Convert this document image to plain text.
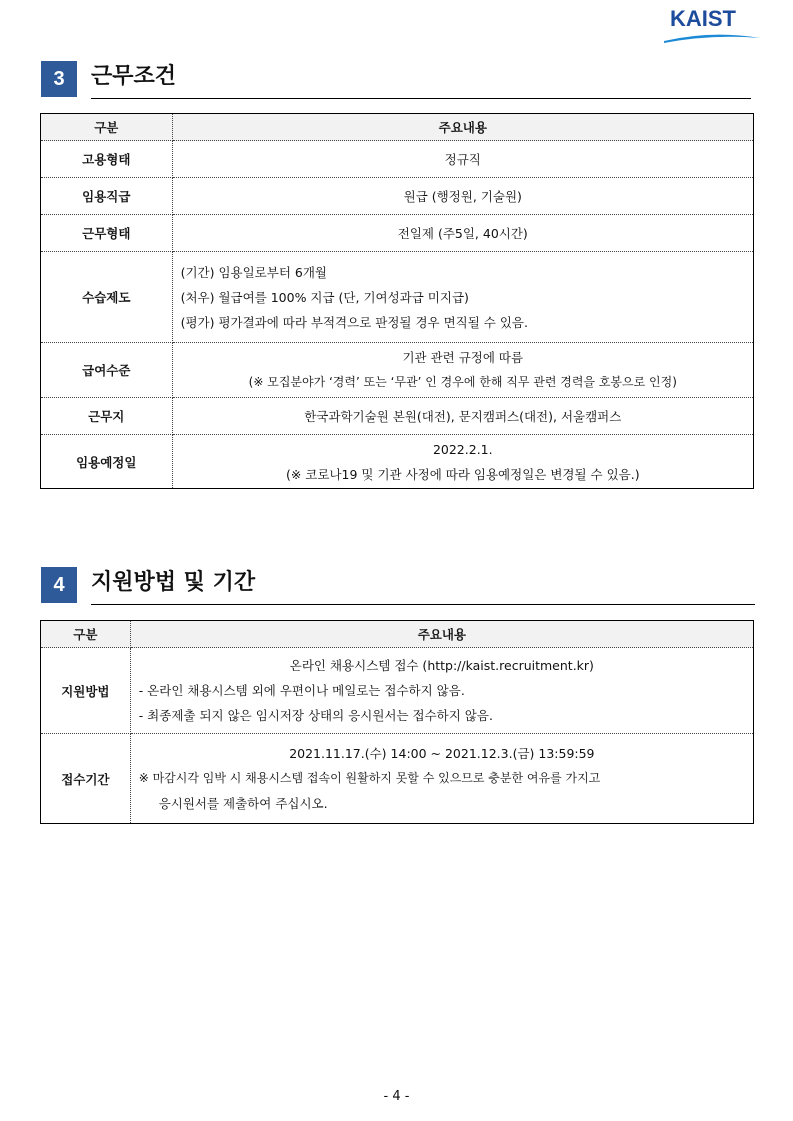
KAIST
3	근무조건
구분	주요내용
고용형태	정규직

임용직급	원급 (행정원, 기술원)

근무형태	전일제 (주5일, 40시간)

수습제도	(기간) 임용일로부터 6개월
(처우) 월급여를 100% 지급 (단, 기여성과급 미지급)
(평가) 평가결과에 따라 부적격으로 판정될 경우 면직될 수 있음.

급여수준	기관 관련 규정에 따름
(※ 모집분야가 ‘경력’ 또는 ‘무관’ 인 경우에 한해 직무 관련 경력을 호봉으로 인정)

근무지	한국과학기술원 본원(대전), 문지캠퍼스(대전), 서울캠퍼스

임용예정일	2022.2.1.
(※ 코로나19 및 기관 사정에 따라 임용예정일은 변경될 수 있음.)
4	지원방법 및 기간
구분	주요내용
지원방법	온라인 채용시스템 접수 (http://kaist.recruitment.kr)
- 온라인 채용시스템 외에 우편이나 메일로는 접수하지 않음.
- 최종제출 되지 않은 임시저장 상태의 응시원서는 접수하지 않음.

접수기간	2021.11.17.(수) 14:00 ~ 2021.12.3.(금) 13:59:59
※ 마감시각 임박 시 채용시스템 접속이 원활하지 못할 수 있으므로 충분한 여유를 가지고
응시원서를 제출하여 주십시오.
- 4 -
